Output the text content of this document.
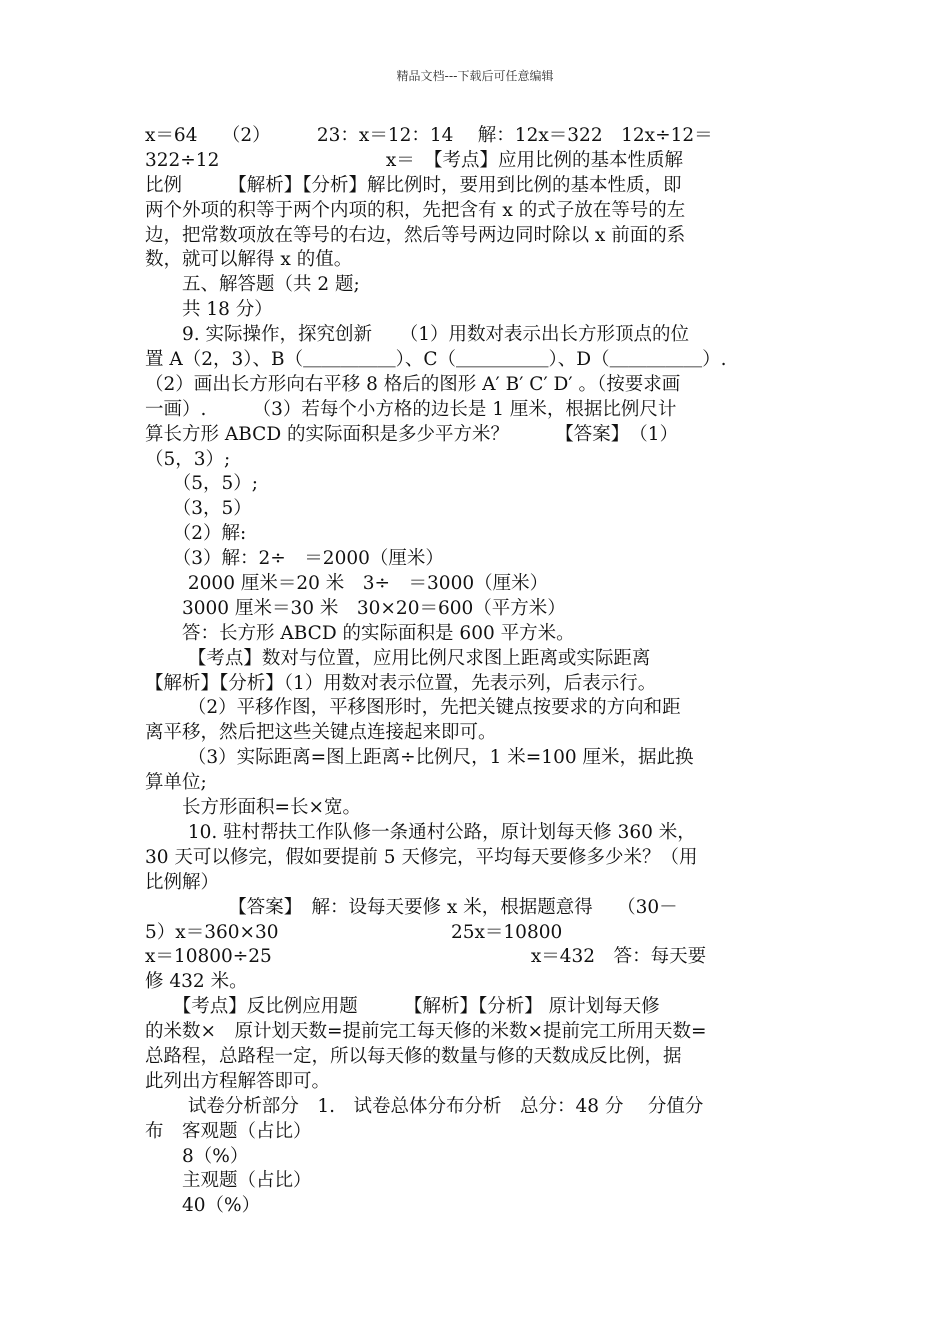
精品文档---下载后可任意编辑
x＝64　 （2）　　　23：x＝12：14　 解：12x＝322　12x÷12＝
322÷12　　　　　　　　　x＝　【考点】应用比例的基本性质解
比例　　　【解析】【分析】解比例时，要用到比例的基本性质，即
两个外项的积等于两个内项的积，先把含有 x 的式子放在等号的左
边，把常数项放在等号的右边，然后等号两边同时除以 x 前面的系
数，就可以解得 x 的值。
　　五、解答题（共 2 题;
　　共 18 分）
　　9. 实际操作，探究创新　　（1）用数对表示出长方形顶点的位
置 A（2，3）、B（＿＿＿＿＿）、C（＿＿＿＿＿）、D（＿＿＿＿＿）.
（2）画出长方形向右平移 8 格后的图形 A′ B′ C′ D′ 。（按要求画
一画）.　　　（3）若每个小方格的边长是 1 厘米，根据比例尺计
算长方形 ABCD 的实际面积是多少平方米？　　　【答案】　（1）
（5，3）;
　　（5，5）;
　　（3，5）
　　（2）解:
　　（3）解：2÷　＝2000（厘米）
　　 2000 厘米＝20 米　3÷　＝3000（厘米）
　　3000 厘米＝30 米　30×20＝600（平方米）
　　答：长方形 ABCD 的实际面积是 600 平方米。
　　 【考点】数对与位置，应用比例尺求图上距离或实际距离
【解析】【分析】（1）用数对表示位置，先表示列，后表示行。
　　 （2）平移作图，平移图形时，先把关键点按要求的方向和距
离平移，然后把这些关键点连接起来即可。
　　 （3）实际距离=图上距离÷比例尺，1 米=100 厘米，据此换
算单位;
　　长方形面积=长×宽。
　　 10. 驻村帮扶工作队修一条通村公路，原计划每天修 360 米，
30 天可以修完，假如要提前 5 天修完，平均每天要修多少米？（用
比例解）
　　　　　【答案】　解：设每天要修 x 米，根据题意得　 （30－
5）x＝360×30　　　　　　　　　 25x＝10800
x＝10800÷25　　　　　　　　　　　　　　x＝432　答：每天要
修 432 米。
　　【考点】反比例应用题　　　【解析】【分析】 原计划每天修
的米数×　原计划天数=提前完工每天修的米数×提前完工所用天数=
总路程，总路程一定，所以每天修的数量与修的天数成反比例，据
此列出方程解答即可。
　　 试卷分析部分　1.　试卷总体分布分析　总分：48 分　 分值分
布　客观题（占比）
　　8（%）
　　主观题（占比）
　　40（%）
